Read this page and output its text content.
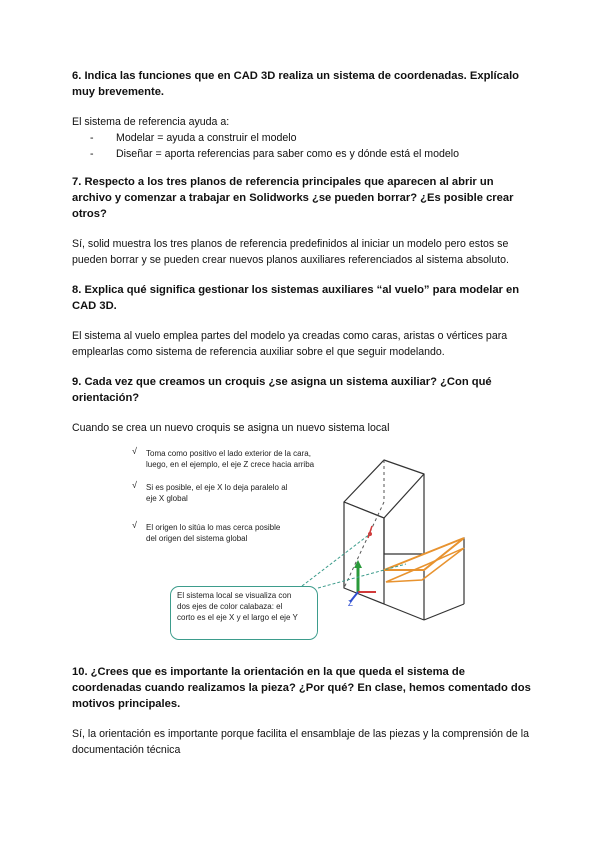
6. Indica las funciones que en CAD 3D realiza un sistema de coordenadas. Explícalo muy brevemente.

El sistema de referencia ayuda a:

-	Modelar = ayuda a construir el modelo
-	Diseñar = aporta referencias para saber como es y dónde está el modelo

7. Respecto a los tres planos de referencia principales que aparecen al abrir un archivo y comenzar a trabajar en Solidworks ¿se pueden borrar? ¿Es posible crear otros?

Sí, solid muestra los tres planos de referencia predefinidos al iniciar un modelo pero estos se pueden borrar y se pueden crear nuevos planos auxiliares referenciados al sistema absoluto.

8. Explica qué significa gestionar los sistemas auxiliares “al vuelo” para modelar en CAD 3D.

El sistema al vuelo emplea partes del modelo ya creadas como caras, aristas o vértices para emplearlas como sistema de referencia auxiliar sobre el que seguir modelando.

9. Cada vez que creamos un croquis ¿se asigna un sistema auxiliar? ¿Con qué orientación?

Cuando se crea un nuevo croquis se asigna un nuevo sistema local

√ Toma como positivo el lado exterior de la cara,
luego, en el ejemplo, el eje Z crece hacia arriba
√ Si es posible, el eje X lo deja paralelo al
eje X global
√ El origen lo sitúa lo mas cerca posible
del origen del sistema global
El sistema local se visualiza con
dos ejes de color calabaza: el
corto es el eje X y el largo el eje Y
Z

10. ¿Crees que es importante la orientación en la que queda el sistema de coordenadas cuando realizamos la pieza? ¿Por qué? En clase, hemos comentado dos motivos principales.

Sí, la orientación es importante porque facilita el ensamblaje de las piezas y la comprensión de la documentación técnica
